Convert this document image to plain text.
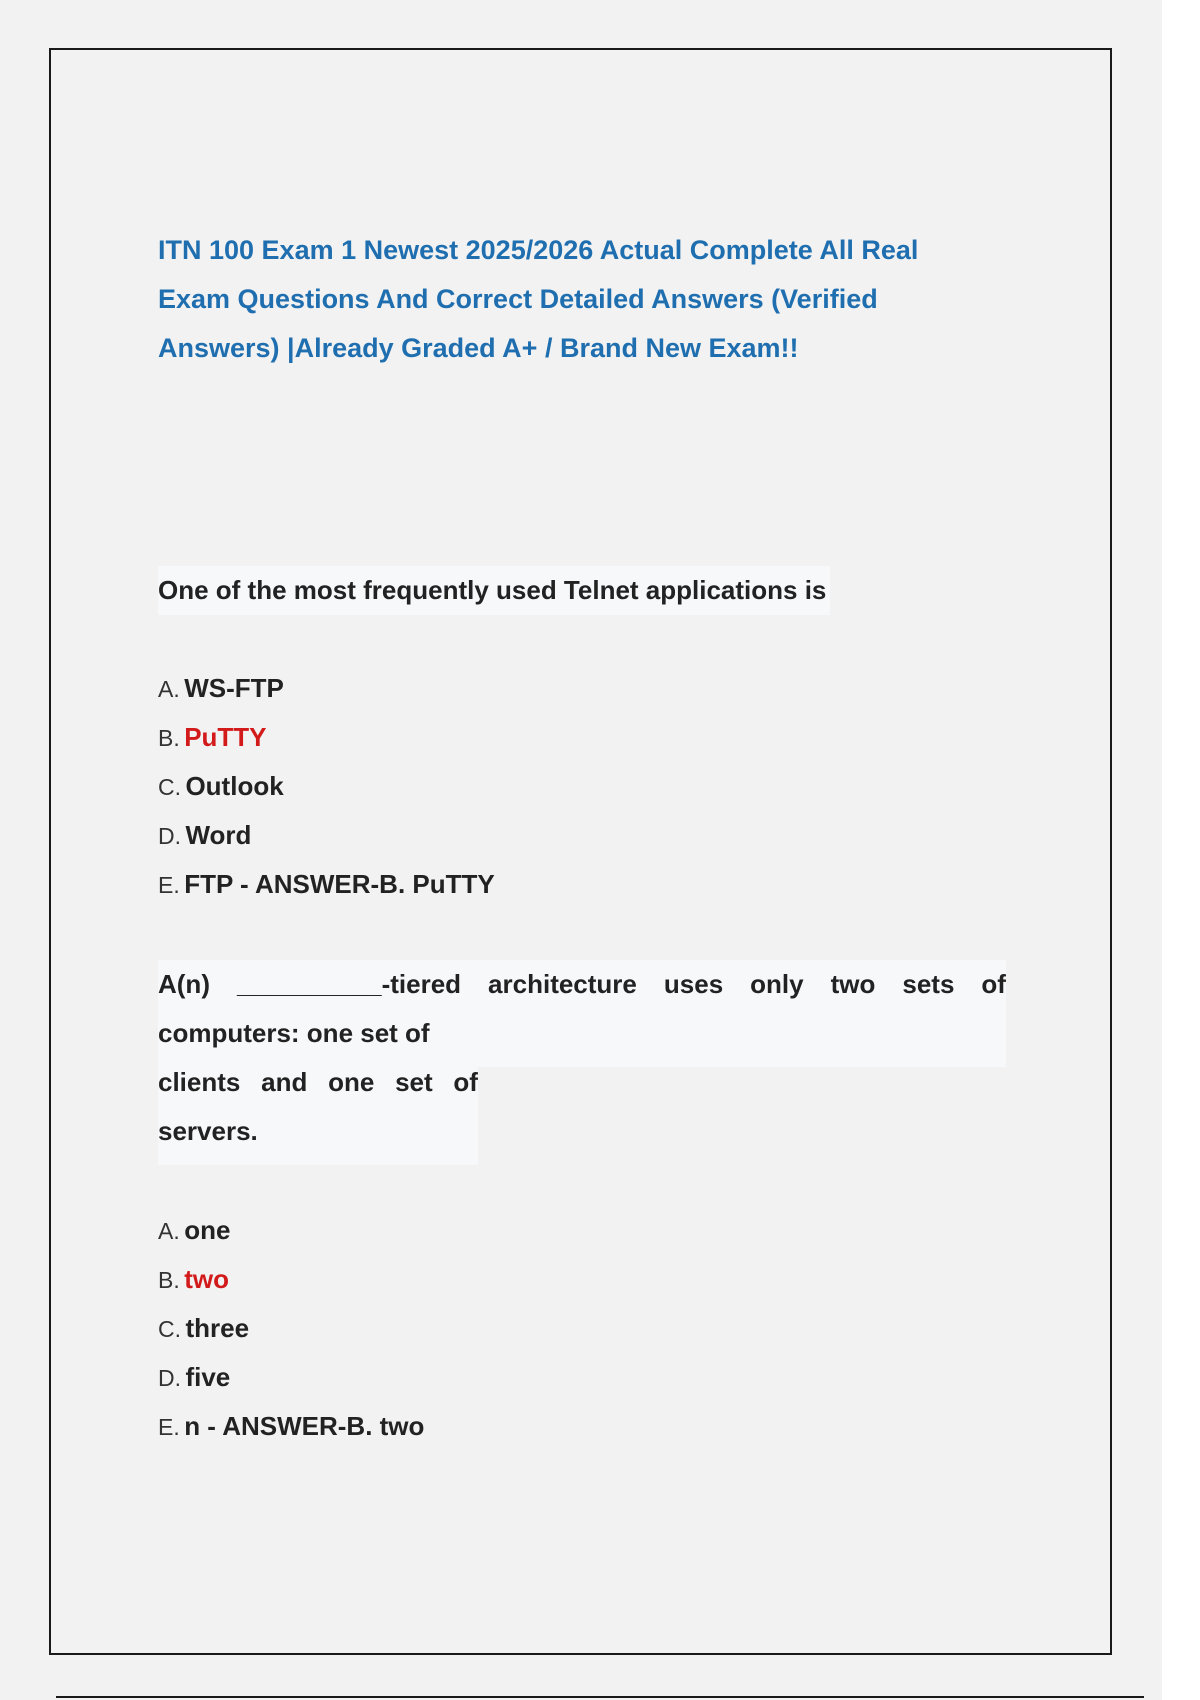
ITN 100 Exam 1 Newest 2025/2026 Actual Complete All Real
Exam Questions And Correct Detailed Answers (Verified
Answers) |Already Graded A+ / Brand New Exam!!
One of the most frequently used Telnet applications is
A. WS-FTP
B. PuTTY
C. Outlook
D. Word
E. FTP - ANSWER-B. PuTTY
A(n) __________-tiered architecture uses only two sets of
computers: one set of
clients and one set of
servers.
A. one
B. two
C. three
D. five
E. n - ANSWER-B. two
